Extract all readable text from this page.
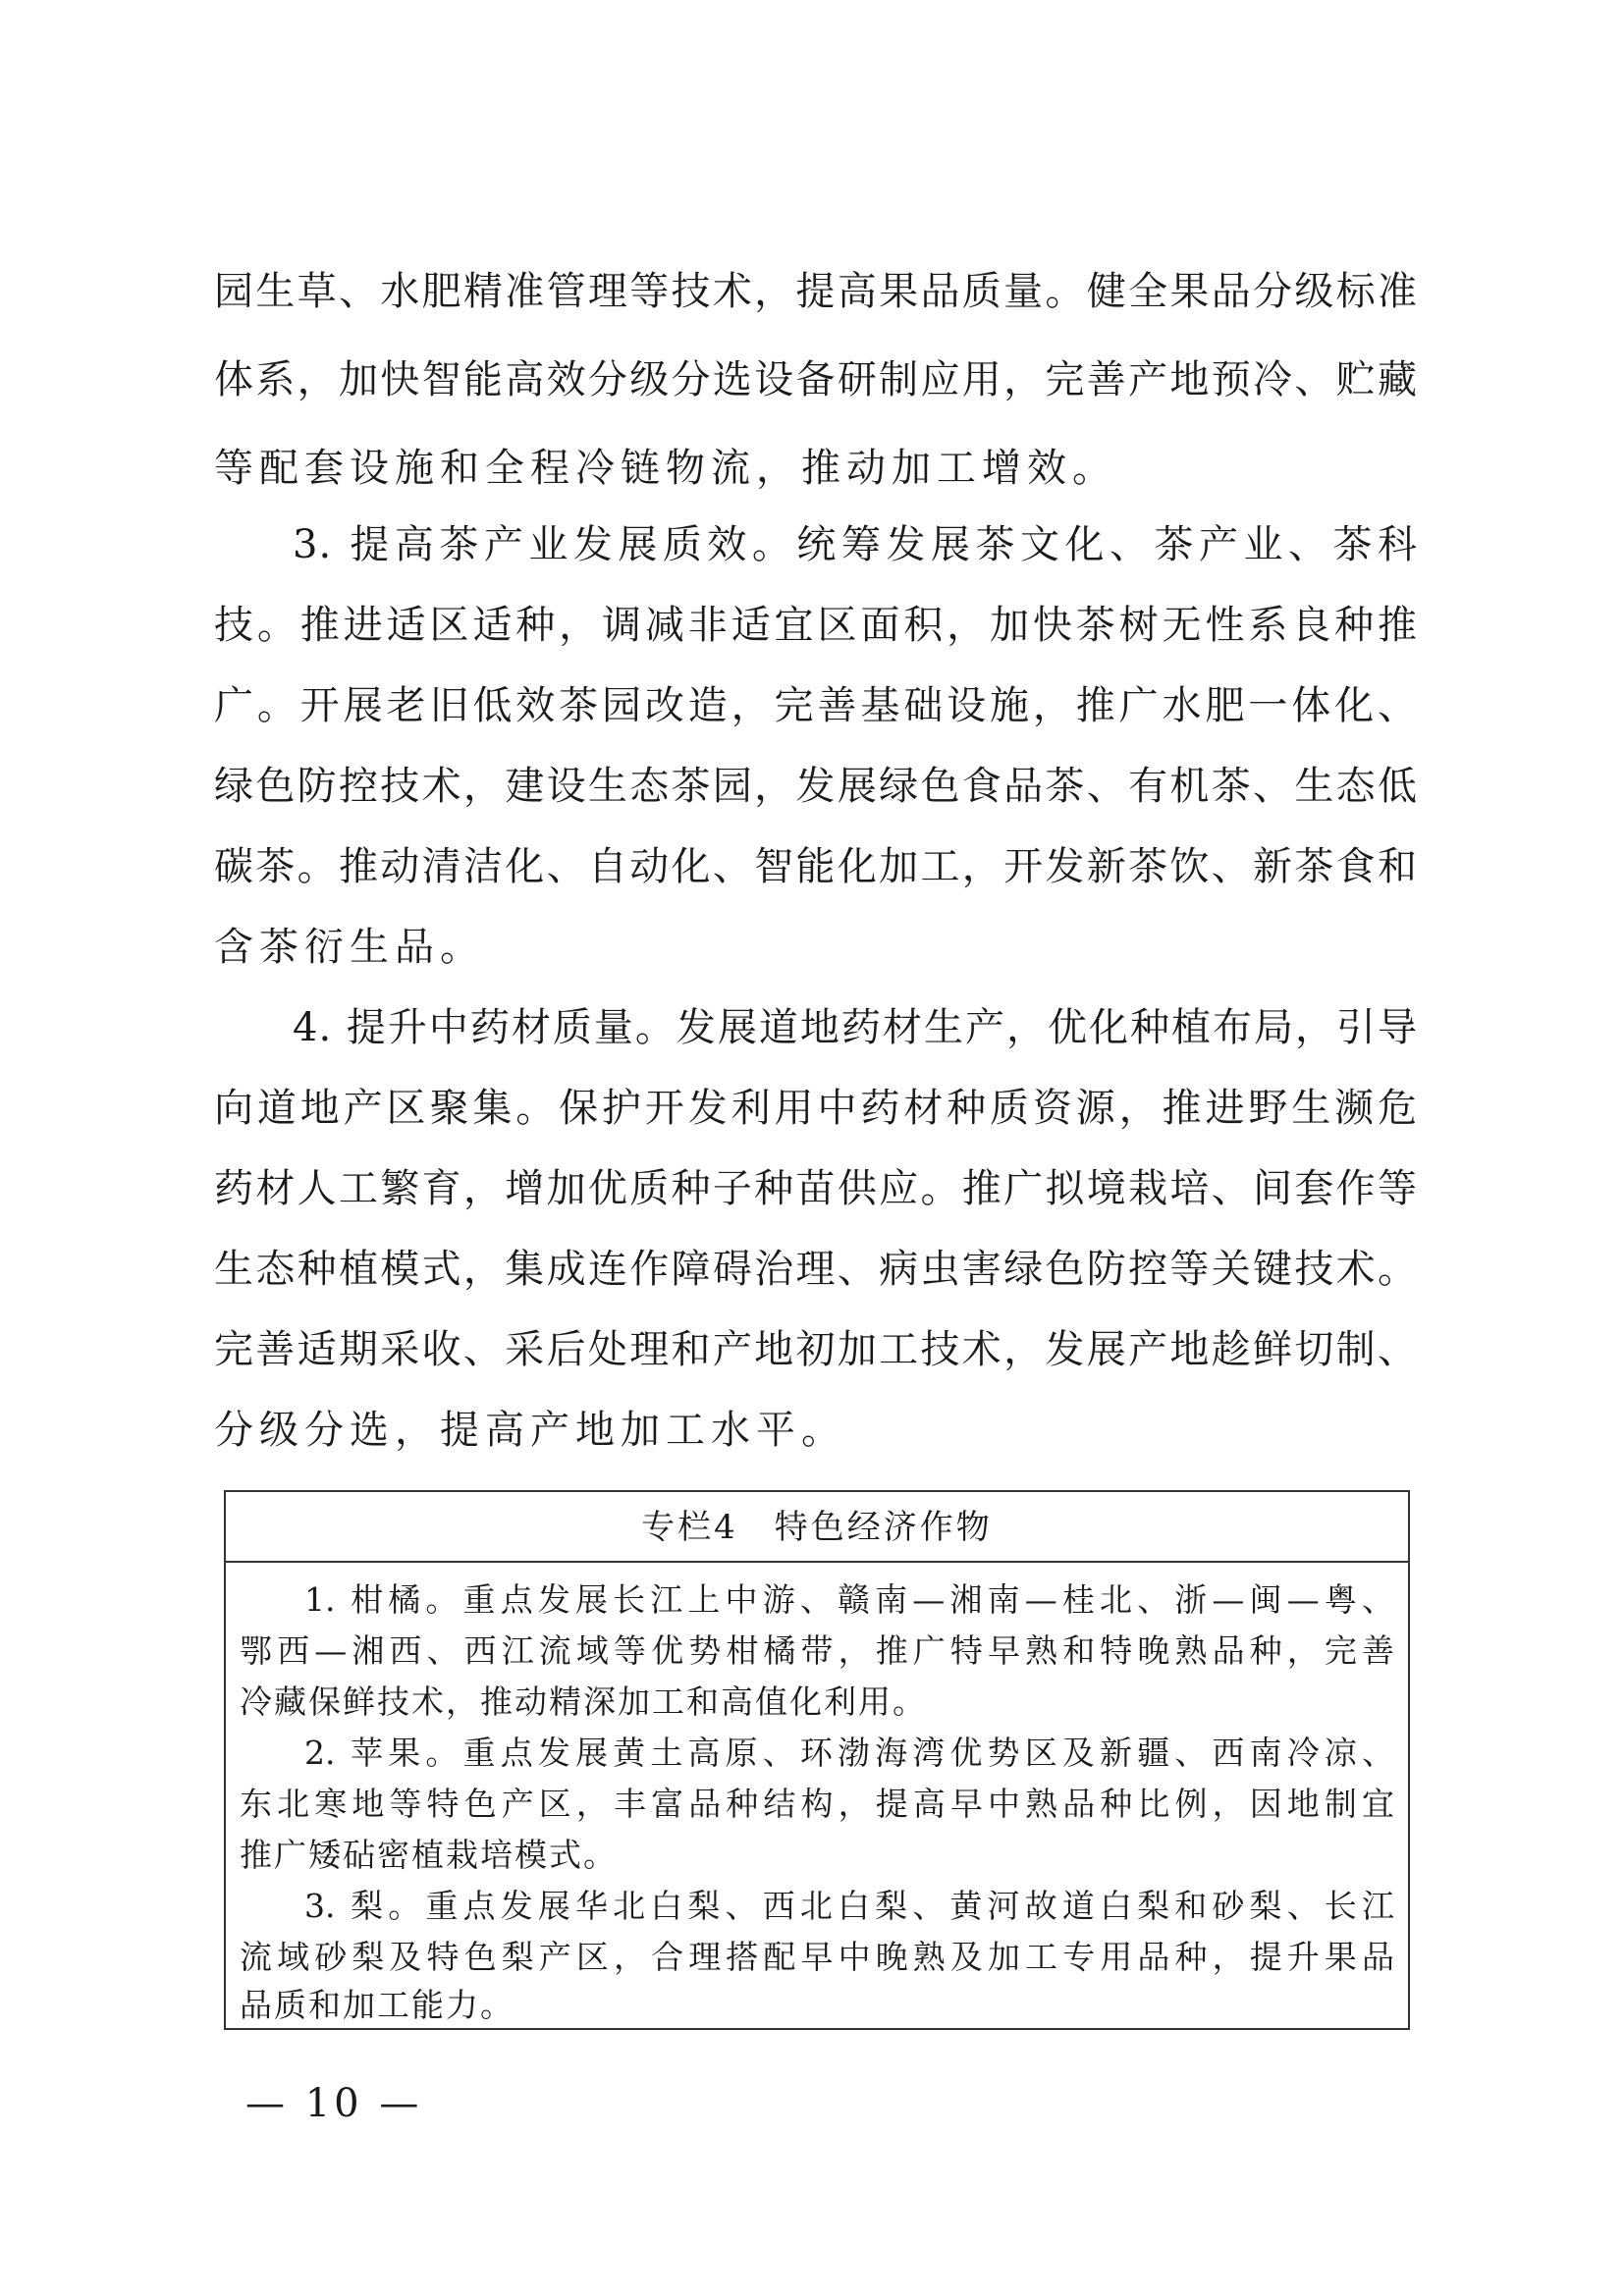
园生草、水肥精准管理等技术，提高果品质量。健全果品分级标准
体系，加快智能高效分级分选设备研制应用，完善产地预冷、贮藏
等配套设施和全程冷链物流，推动加工增效。
3. 提高茶产业发展质效。统筹发展茶文化、茶产业、茶科
技。推进适区适种，调减非适宜区面积，加快茶树无性系良种推
广。开展老旧低效茶园改造，完善基础设施，推广水肥一体化、
绿色防控技术，建设生态茶园，发展绿色食品茶、有机茶、生态低
碳茶。推动清洁化、自动化、智能化加工，开发新茶饮、新茶食和
含茶衍生品。
4. 提升中药材质量。发展道地药材生产，优化种植布局，引导
向道地产区聚集。保护开发利用中药材种质资源，推进野生濒危
药材人工繁育，增加优质种子种苗供应。推广拟境栽培、间套作等
生态种植模式，集成连作障碍治理、病虫害绿色防控等关键技术。
完善适期采收、采后处理和产地初加工技术，发展产地趁鲜切制、
分级分选，提高产地加工水平。
专栏4　特色经济作物
1. 柑橘。重点发展长江上中游、赣南—湘南—桂北、浙—闽—粤、
鄂西—湘西、西江流域等优势柑橘带，推广特早熟和特晚熟品种，完善
冷藏保鲜技术，推动精深加工和高值化利用。
2. 苹果。重点发展黄土高原、环渤海湾优势区及新疆、西南冷凉、
东北寒地等特色产区，丰富品种结构，提高早中熟品种比例，因地制宜
推广矮砧密植栽培模式。
3. 梨。重点发展华北白梨、西北白梨、黄河故道白梨和砂梨、长江
流域砂梨及特色梨产区，合理搭配早中晚熟及加工专用品种，提升果品
品质和加工能力。
— 10 —
